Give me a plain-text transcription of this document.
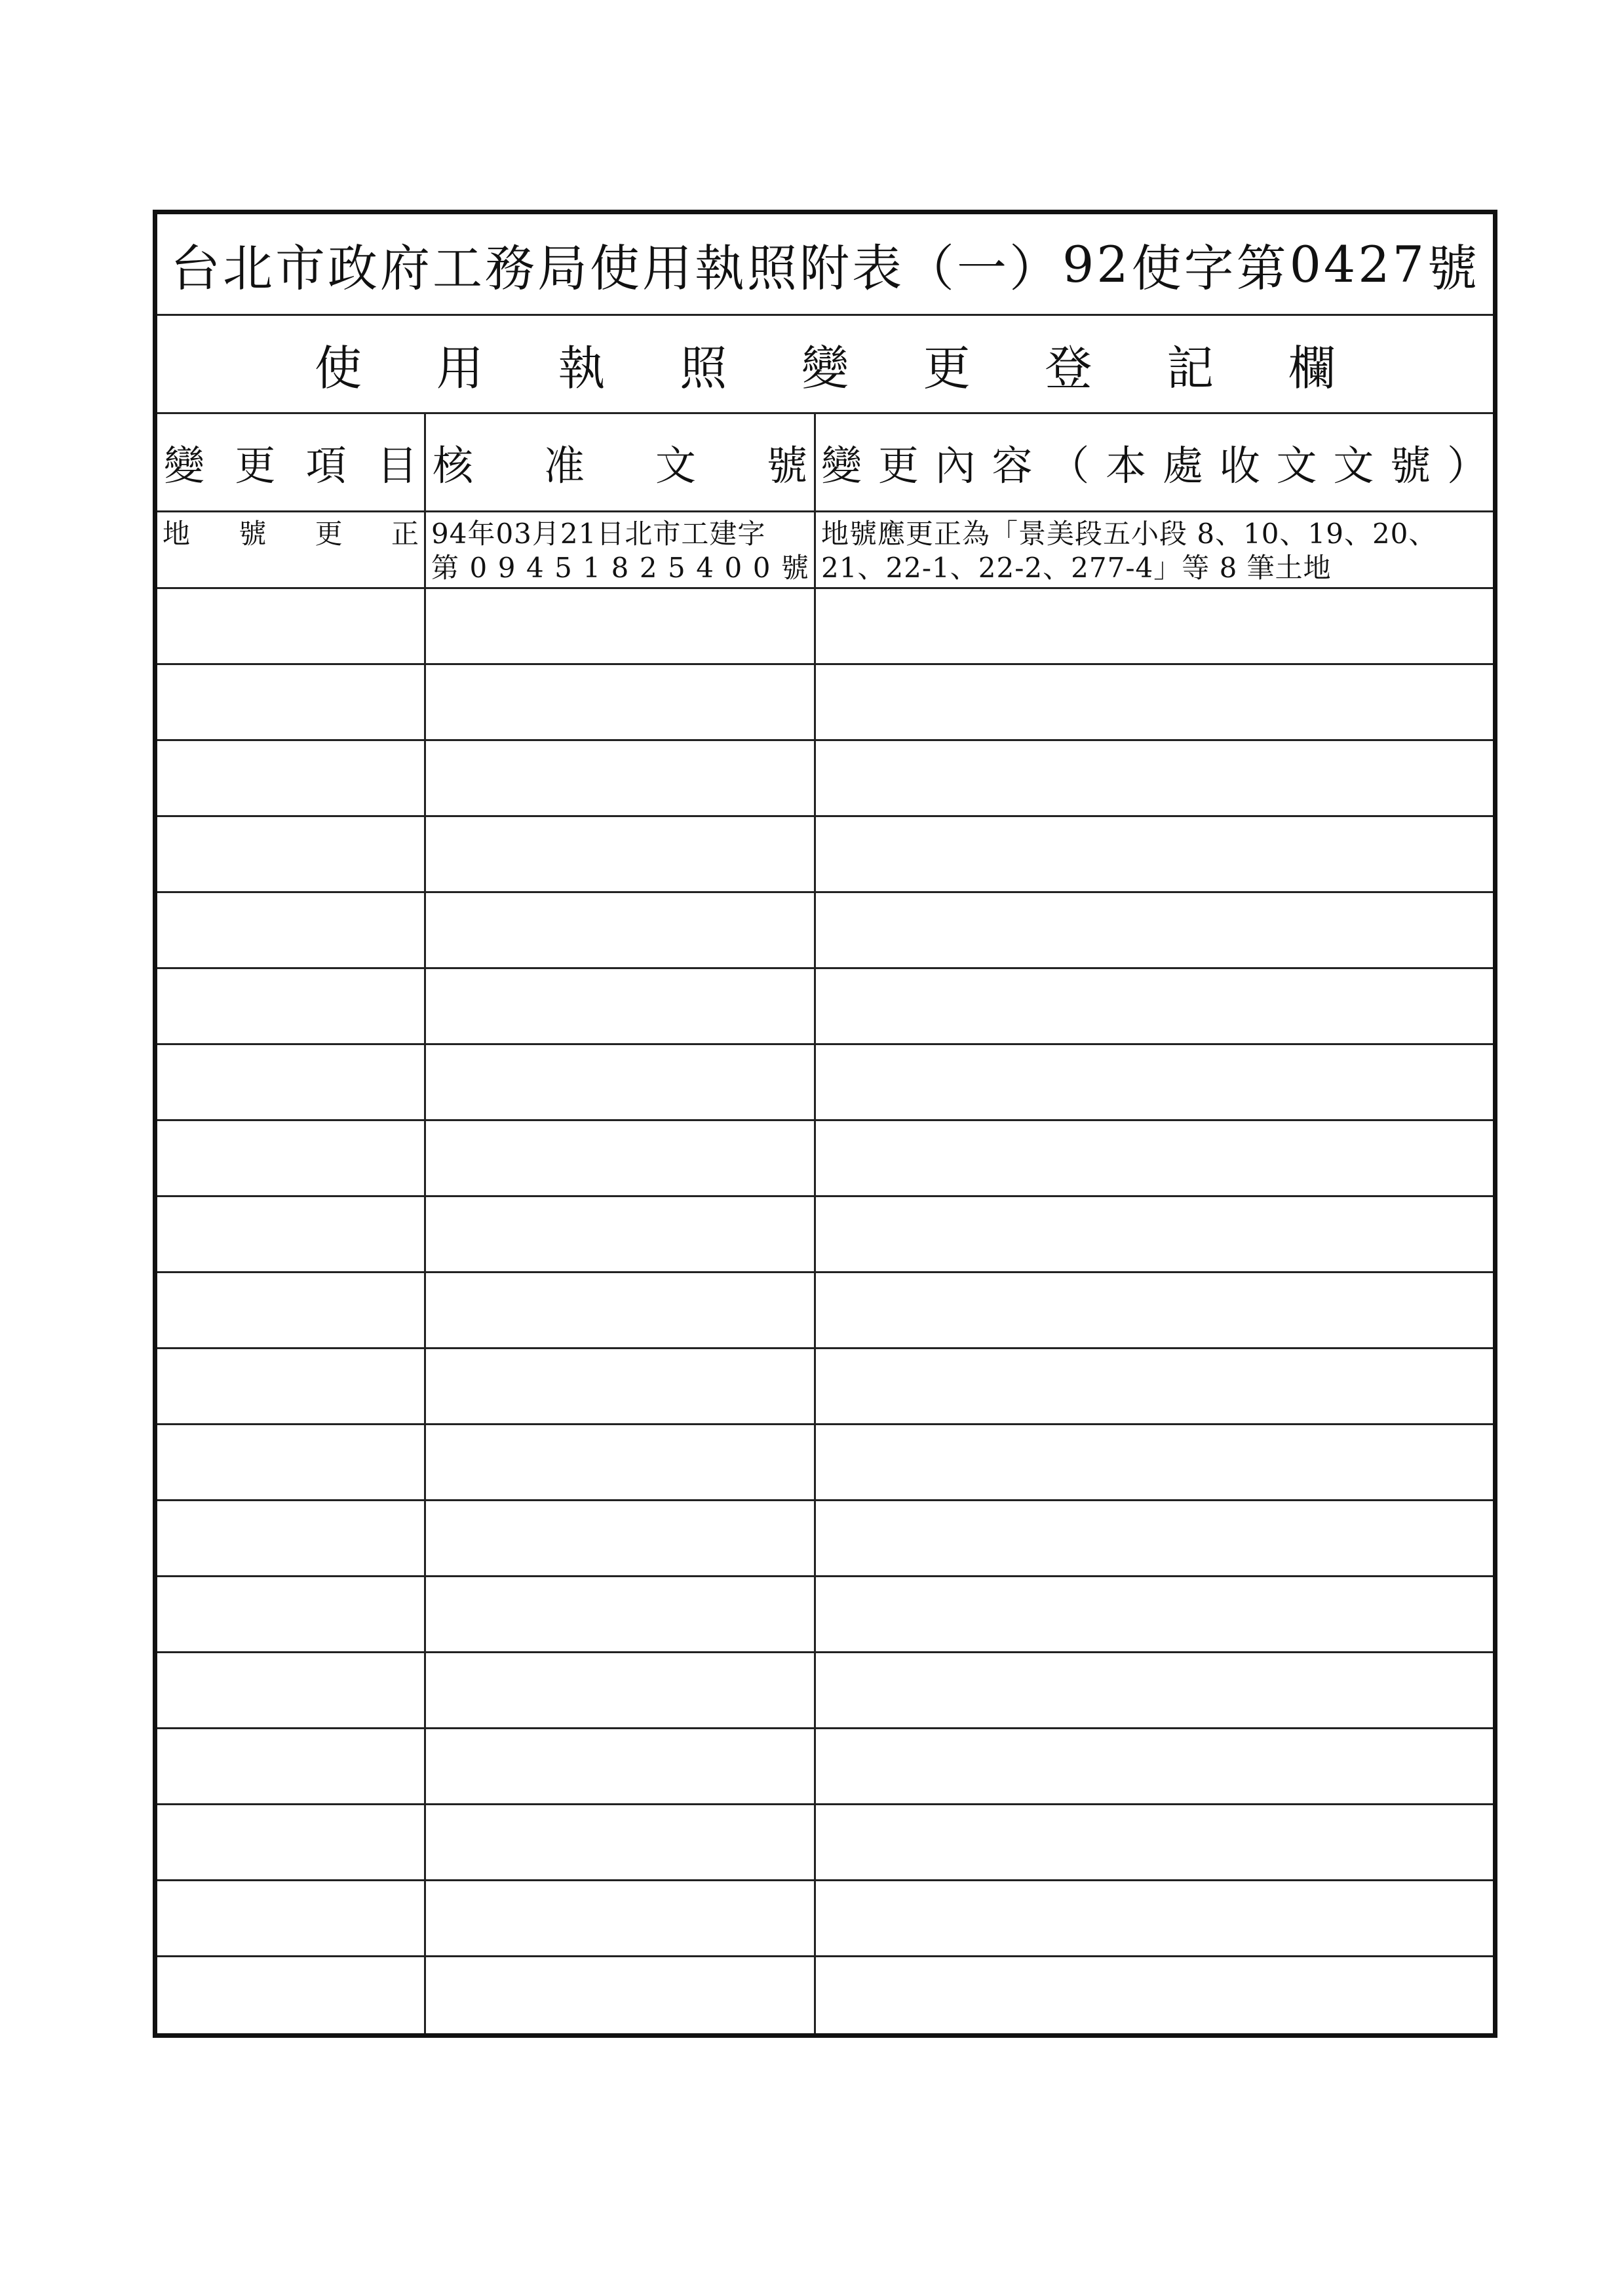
台北市政府工務局使用執照附表（一） 92 使字第 0427 號
使 用 執 照 變 更 登 記 欄
變 更 項 目 核 准 文 號 變 更 內 容 （ 本 處 收 文 文 號 ）
地 號 更 正 94年03月21日北市工建字
第 0 9 4 5 1 8 2 5 4 0 0 號
地號應更正為「景美段五小段 8、10、19、20、
21、22-1、22-2、277-4」等 8 筆土地
